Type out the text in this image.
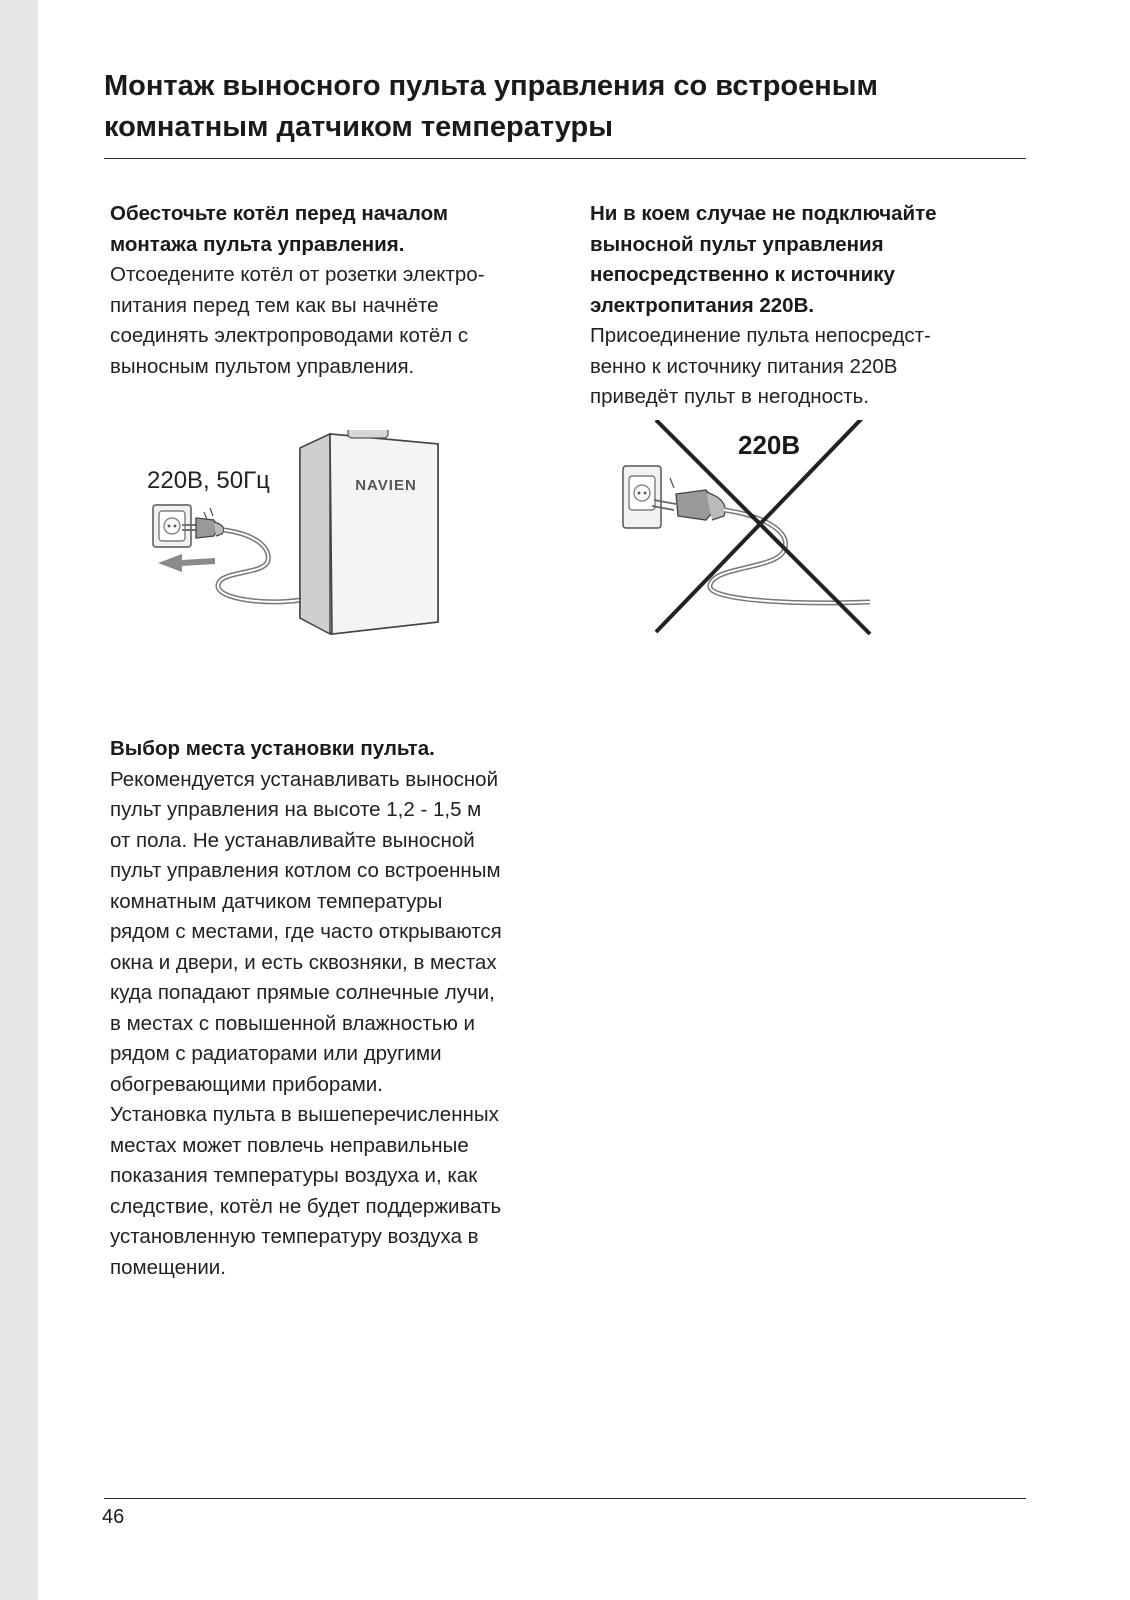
Монтаж выносного пульта управления со встроеным комнатным датчиком температуры

Обесточьте котёл перед началом монтажа пульта управления.

Отсоедените котёл от розетки электро-питания перед тем как вы начнёте соединять электропроводами котёл с выносным пультом управления.

Ни в коем случае не подключайте выносной пульт управления непосредственно к источнику электропитания 220В.

Присоединение пульта непосредст-венно к источнику питания 220В приведёт пульт в негодность.

220В, 50Гц	NAVIEN
220В

Выбор места установки пульта.

Рекомендуется устанавливать выносной пульт управления на высоте 1,2 - 1,5 м от пола. Не устанавливайте выносной пульт управления котлом со встроенным комнатным датчиком температуры рядом с местами, где часто открываются окна и двери, и есть сквозняки, в местах куда попадают прямые солнечные лучи, в местах с повышенной влажностью и рядом с радиаторами или другими обогревающими приборами.

Установка пульта в вышеперечисленных местах может повлечь неправильные показания температуры воздуха и, как следствие, котёл не будет поддерживать установленную температуру воздуха в помещении.

46
